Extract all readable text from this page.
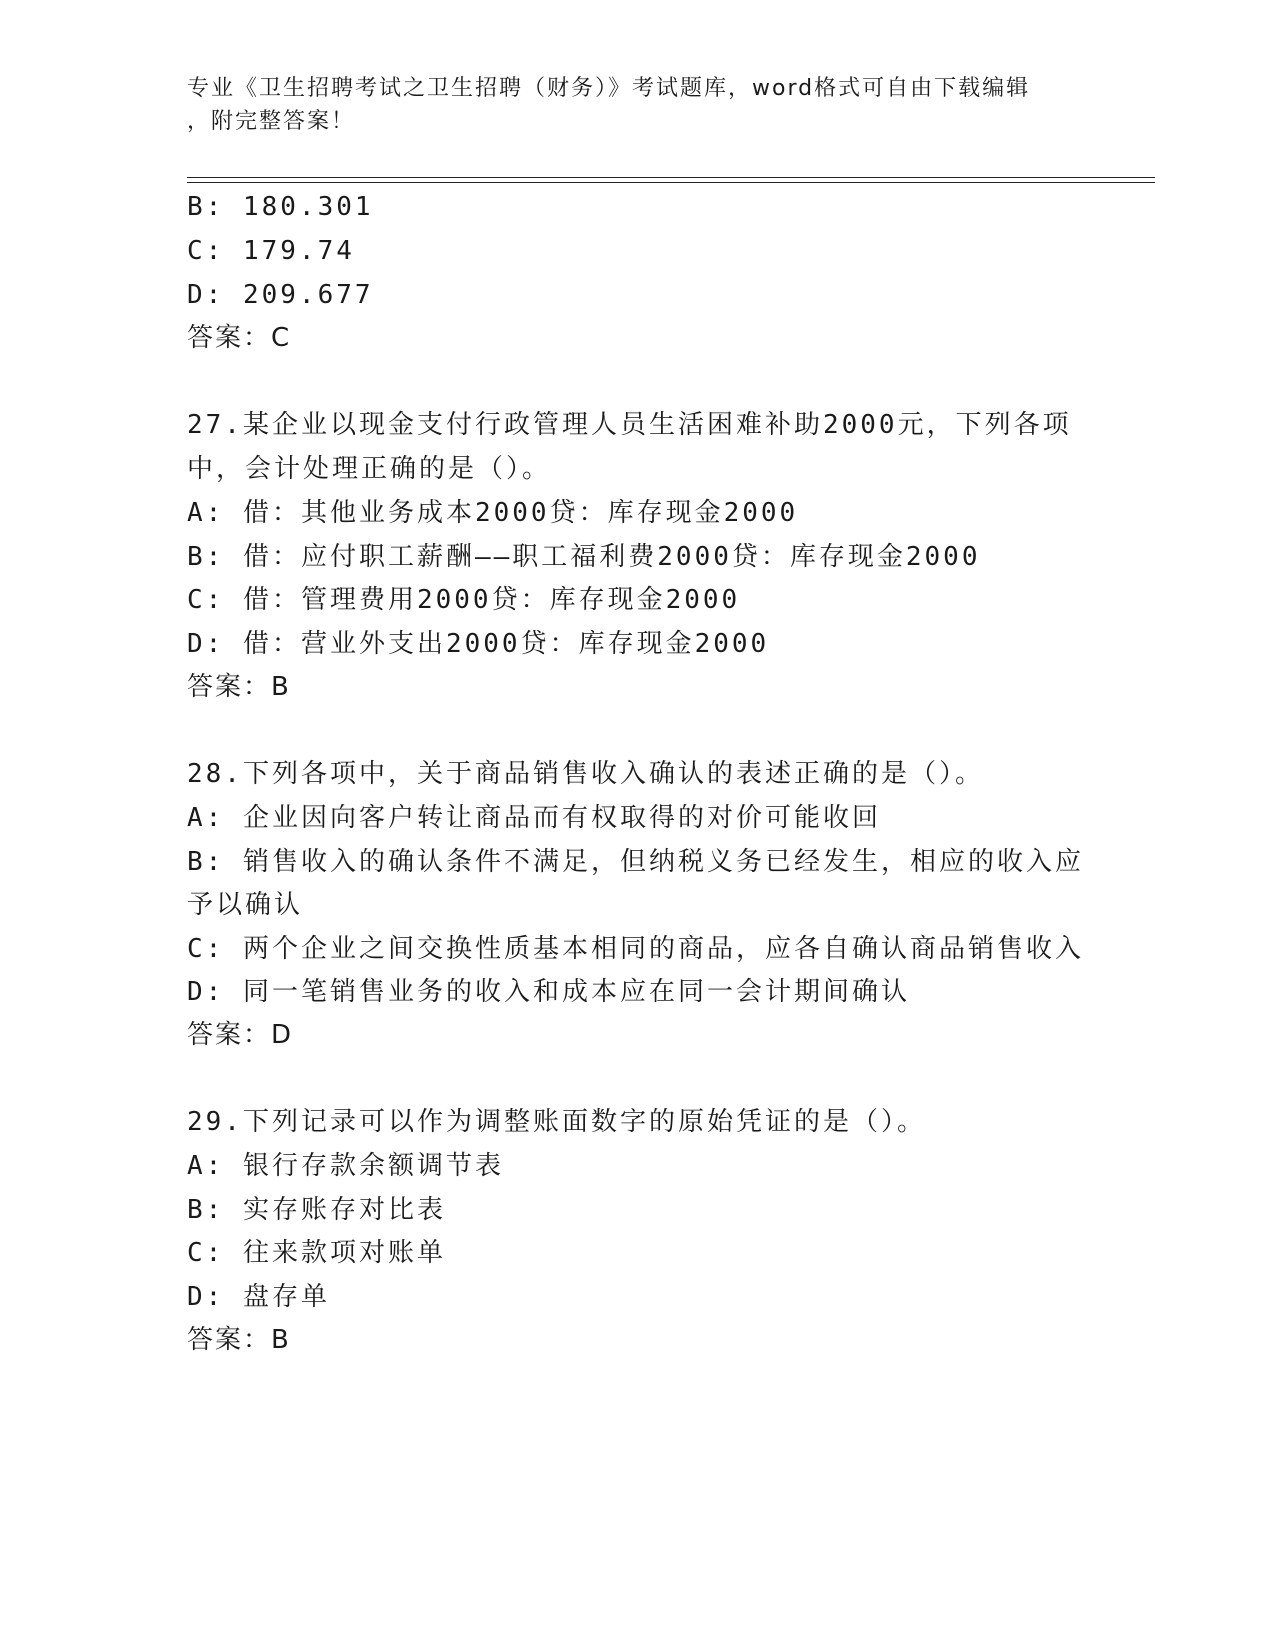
专业《卫生招聘考试之卫生招聘（财务）》考试题库，word格式可自由下载编辑
，附完整答案！
B: 180.301
C: 179.74
D: 209.677
答案：C
27.某企业以现金支付行政管理人员生活困难补助2000元，下列各项
中，会计处理正确的是（）。
A: 借：其他业务成本2000贷：库存现金2000
B: 借：应付职工薪酬——职工福利费2000贷：库存现金2000
C: 借：管理费用2000贷：库存现金2000
D: 借：营业外支出2000贷：库存现金2000
答案：B
28.下列各项中，关于商品销售收入确认的表述正确的是（）。
A: 企业因向客户转让商品而有权取得的对价可能收回
B: 销售收入的确认条件不满足，但纳税义务已经发生，相应的收入应
予以确认
C: 两个企业之间交换性质基本相同的商品，应各自确认商品销售收入
D: 同一笔销售业务的收入和成本应在同一会计期间确认
答案：D
29.下列记录可以作为调整账面数字的原始凭证的是（）。
A: 银行存款余额调节表
B: 实存账存对比表
C: 往来款项对账单
D: 盘存单
答案：B
